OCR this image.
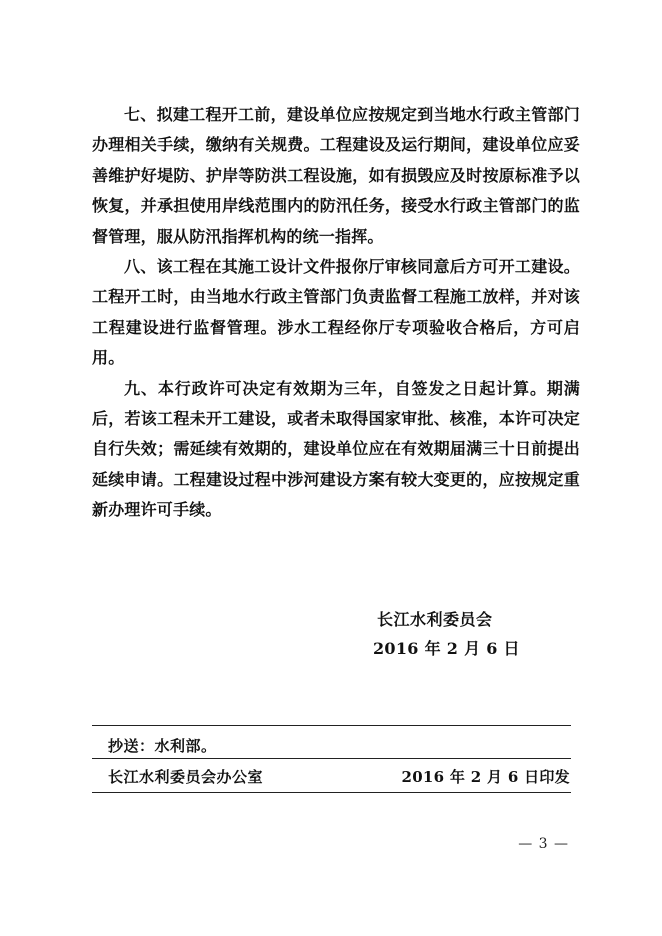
七、拟建工程开工前，建设单位应按规定到当地水行政主管部门办理相关手续，缴纳有关规费。工程建设及运行期间，建设单位应妥善维护好堤防、护岸等防洪工程设施，如有损毁应及时按原标准予以恢复，并承担使用岸线范围内的防汛任务，接受水行政主管部门的监督管理，服从防汛指挥机构的统一指挥。

八、该工程在其施工设计文件报你厅审核同意后方可开工建设。工程开工时，由当地水行政主管部门负责监督工程施工放样，并对该工程建设进行监督管理。涉水工程经你厅专项验收合格后，方可启用。

九、本行政许可决定有效期为三年，自签发之日起计算。期满后，若该工程未开工建设，或者未取得国家审批、核准，本许可决定自行失效；需延续有效期的，建设单位应在有效期届满三十日前提出延续申请。工程建设过程中涉河建设方案有较大变更的，应按规定重新办理许可手续。

长江水利委员会
2016 年 2 月 6 日
抄送：水利部。
长江水利委员会办公室	2016 年 2 月 6 日印发
— 3 —
